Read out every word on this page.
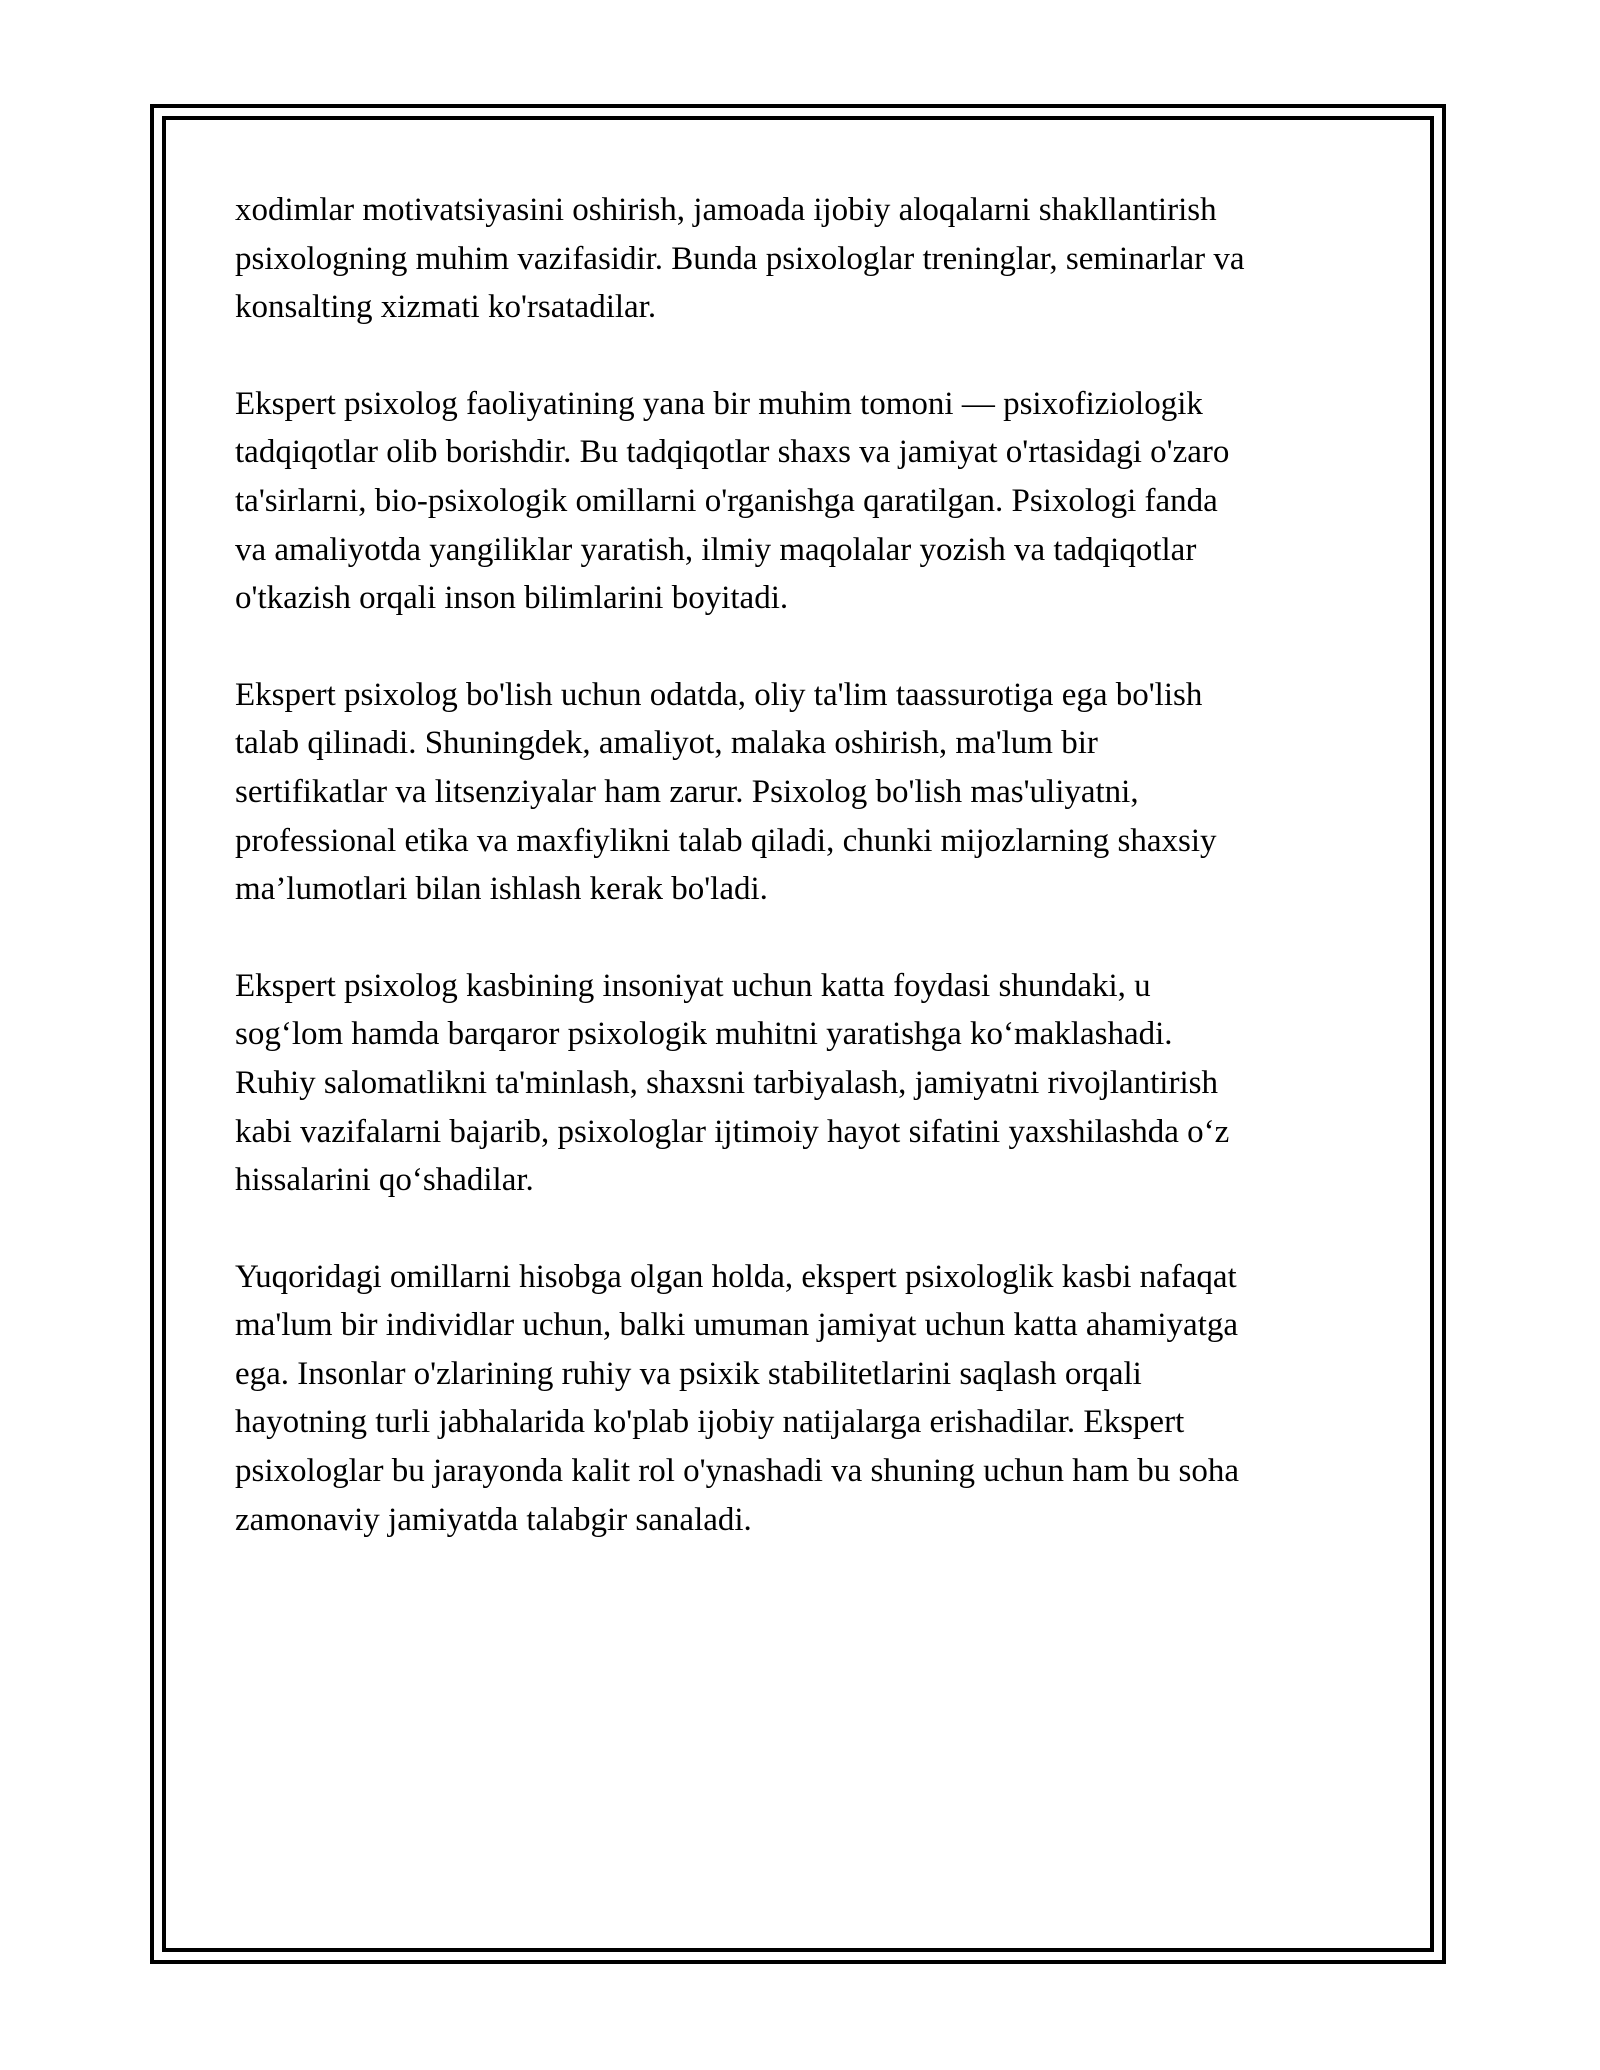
xodimlar motivatsiyasini oshirish, jamoada ijobiy aloqalarni shakllantirish
psixologning muhim vazifasidir. Bunda psixologlar treninglar, seminarlar va
konsalting xizmati ko'rsatadilar.

Ekspert psixolog faoliyatining yana bir muhim tomoni — psixofiziologik
tadqiqotlar olib borishdir. Bu tadqiqotlar shaxs va jamiyat o'rtasidagi o'zaro
ta'sirlarni, bio-psixologik omillarni o'rganishga qaratilgan. Psixologi fanda
va amaliyotda yangiliklar yaratish, ilmiy maqolalar yozish va tadqiqotlar
o'tkazish orqali inson bilimlarini boyitadi.

Ekspert psixolog bo'lish uchun odatda, oliy ta'lim taassurotiga ega bo'lish
talab qilinadi. Shuningdek, amaliyot, malaka oshirish, ma'lum bir
sertifikatlar va litsenziyalar ham zarur. Psixolog bo'lish mas'uliyatni,
professional etika va maxfiylikni talab qiladi, chunki mijozlarning shaxsiy
ma’lumotlari bilan ishlash kerak bo'ladi.

Ekspert psixolog kasbining insoniyat uchun katta foydasi shundaki, u
sog‘lom hamda barqaror psixologik muhitni yaratishga ko‘maklashadi.
Ruhiy salomatlikni ta'minlash, shaxsni tarbiyalash, jamiyatni rivojlantirish
kabi vazifalarni bajarib, psixologlar ijtimoiy hayot sifatini yaxshilashda o‘z
hissalarini qo‘shadilar.

Yuqoridagi omillarni hisobga olgan holda, ekspert psixologlik kasbi nafaqat
ma'lum bir individlar uchun, balki umuman jamiyat uchun katta ahamiyatga
ega. Insonlar o'zlarining ruhiy va psixik stabilitetlarini saqlash orqali
hayotning turli jabhalarida ko'plab ijobiy natijalarga erishadilar. Ekspert
psixologlar bu jarayonda kalit rol o'ynashadi va shuning uchun ham bu soha
zamonaviy jamiyatda talabgir sanaladi.
